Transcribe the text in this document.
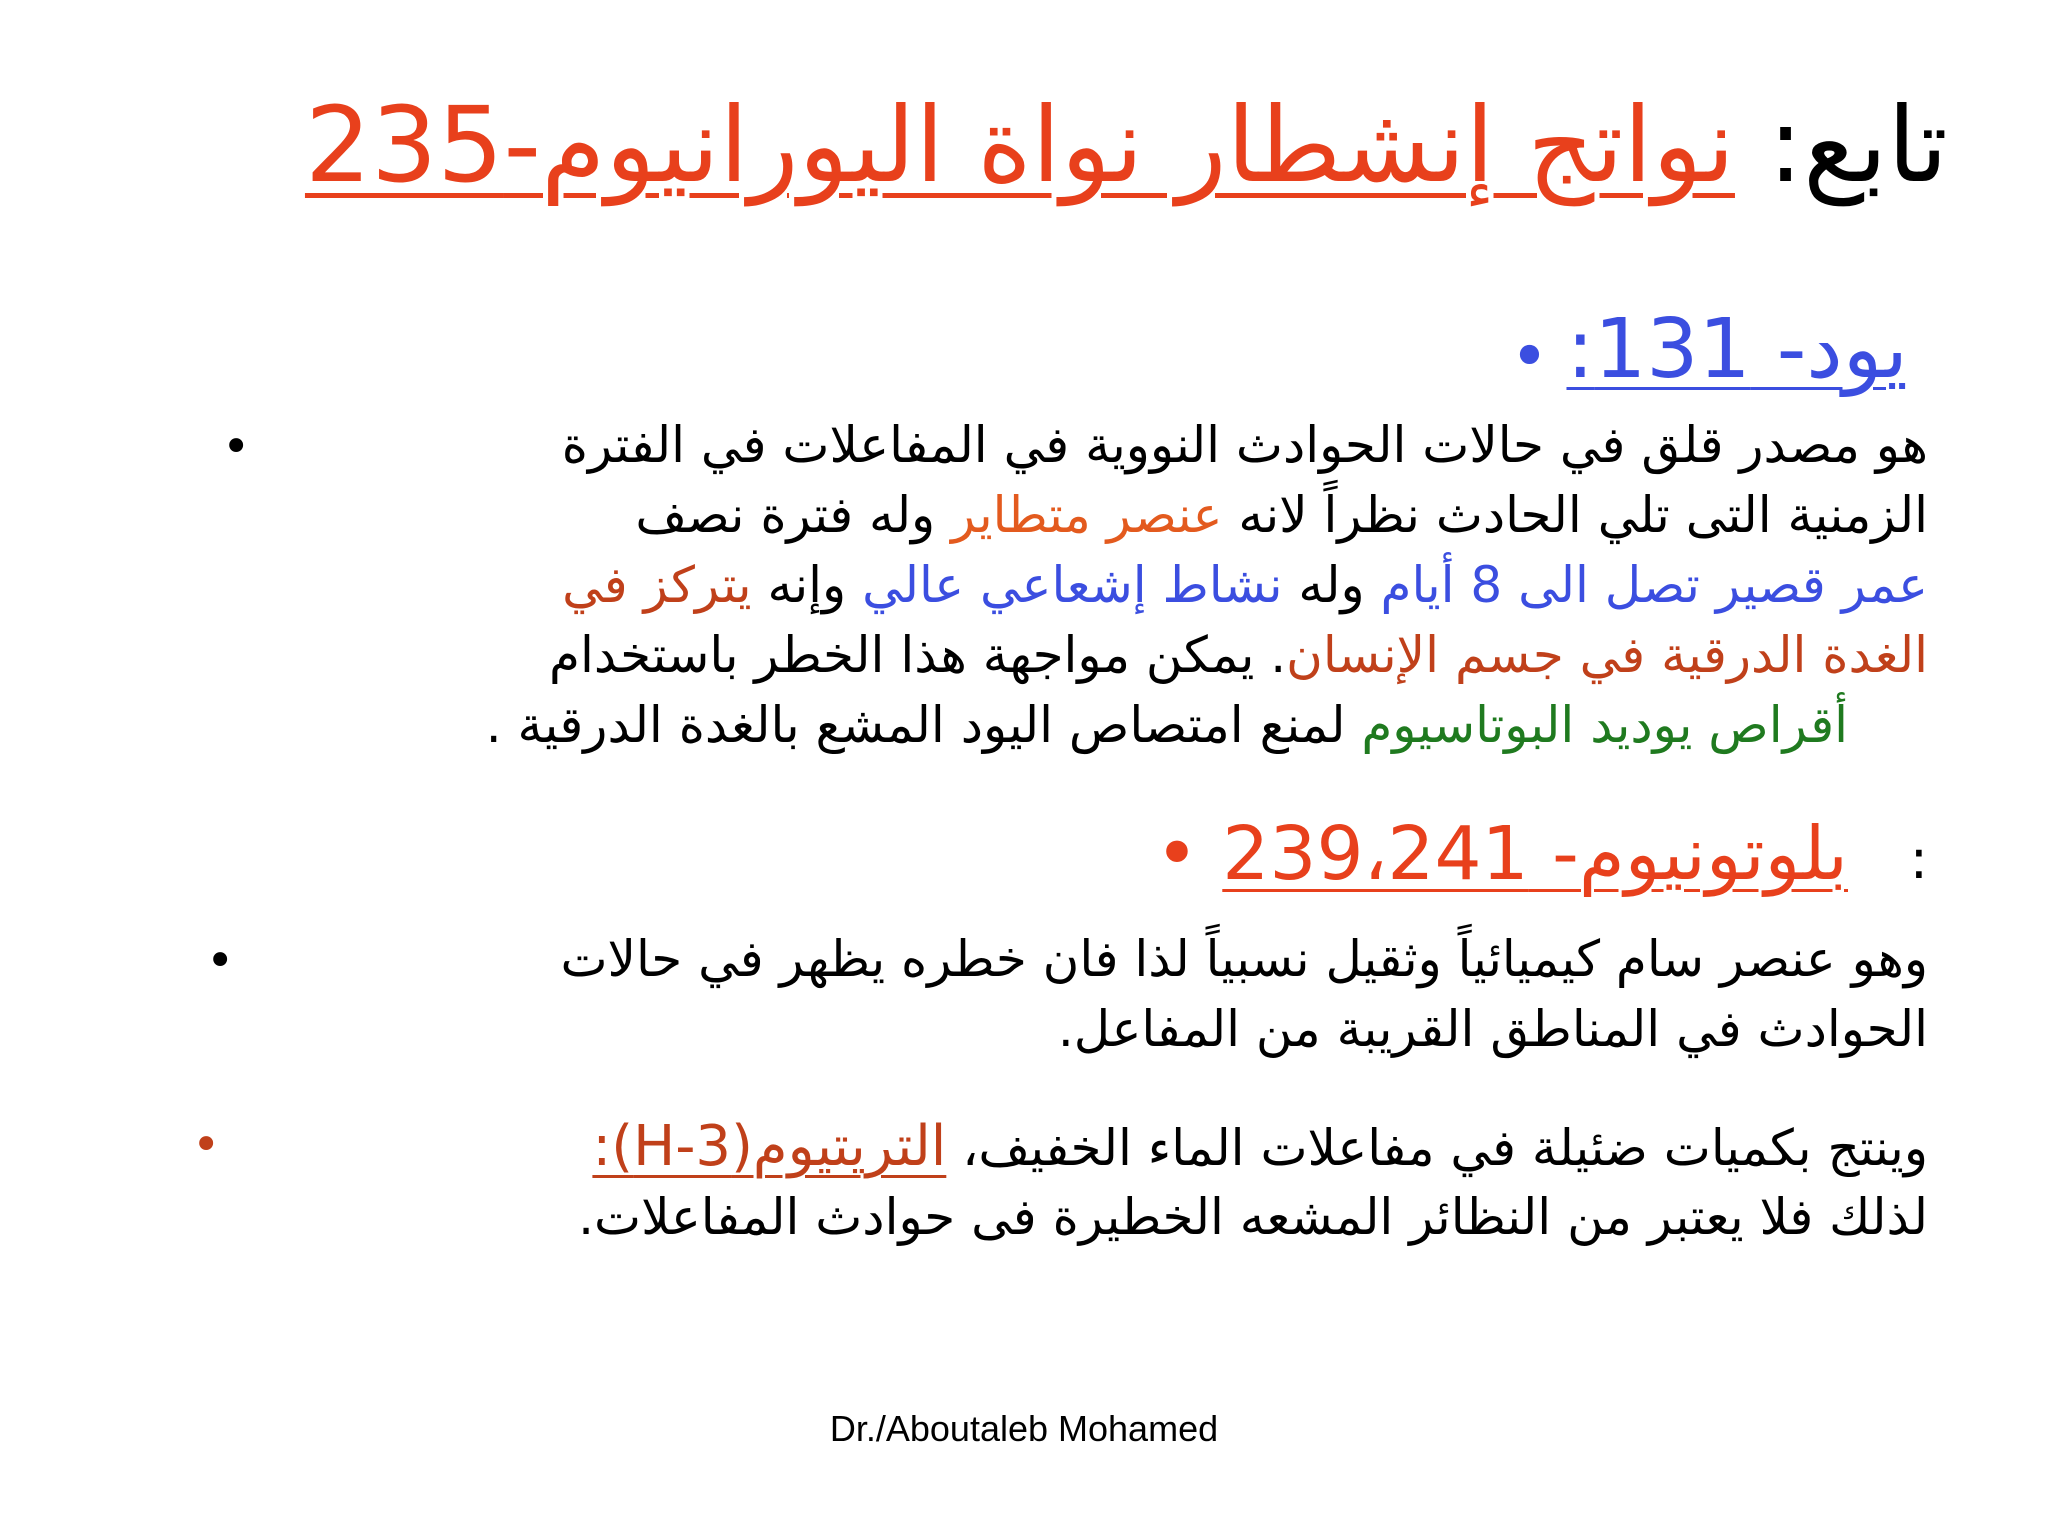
تابع: نواتج إنشطار نواة اليورانيوم-235
• يود- 131:
•	هو مصدر قلق في حالات الحوادث النووية في المفاعلات في الفترة
الزمنية التى تلي الحادث نظراً لانه عنصر متطاير وله فترة نصف
عمر قصير تصل الى 8 أيام وله نشاط إشعاعي عالي وإنه يتركز في
الغدة الدرقية في جسم الإنسان. يمكن مواجهة هذا الخطر باستخدام
أقراص يوديد البوتاسيوم لمنع امتصاص اليود المشع بالغدة الدرقية .
بلوتونيوم- 239،241 •	:
•	وهو عنصر سام كيميائياً وثقيل نسبياً لذا فان خطره يظهر في حالات
الحوادث في المناطق القريبة من المفاعل.
•	وينتج بكميات ضئيلة في مفاعلات الماء الخفيف، التريتيوم(H-3):
لذلك فلا يعتبر من النظائر المشعه الخطيرة فى حوادث المفاعلات.
Dr./Aboutaleb Mohamed
